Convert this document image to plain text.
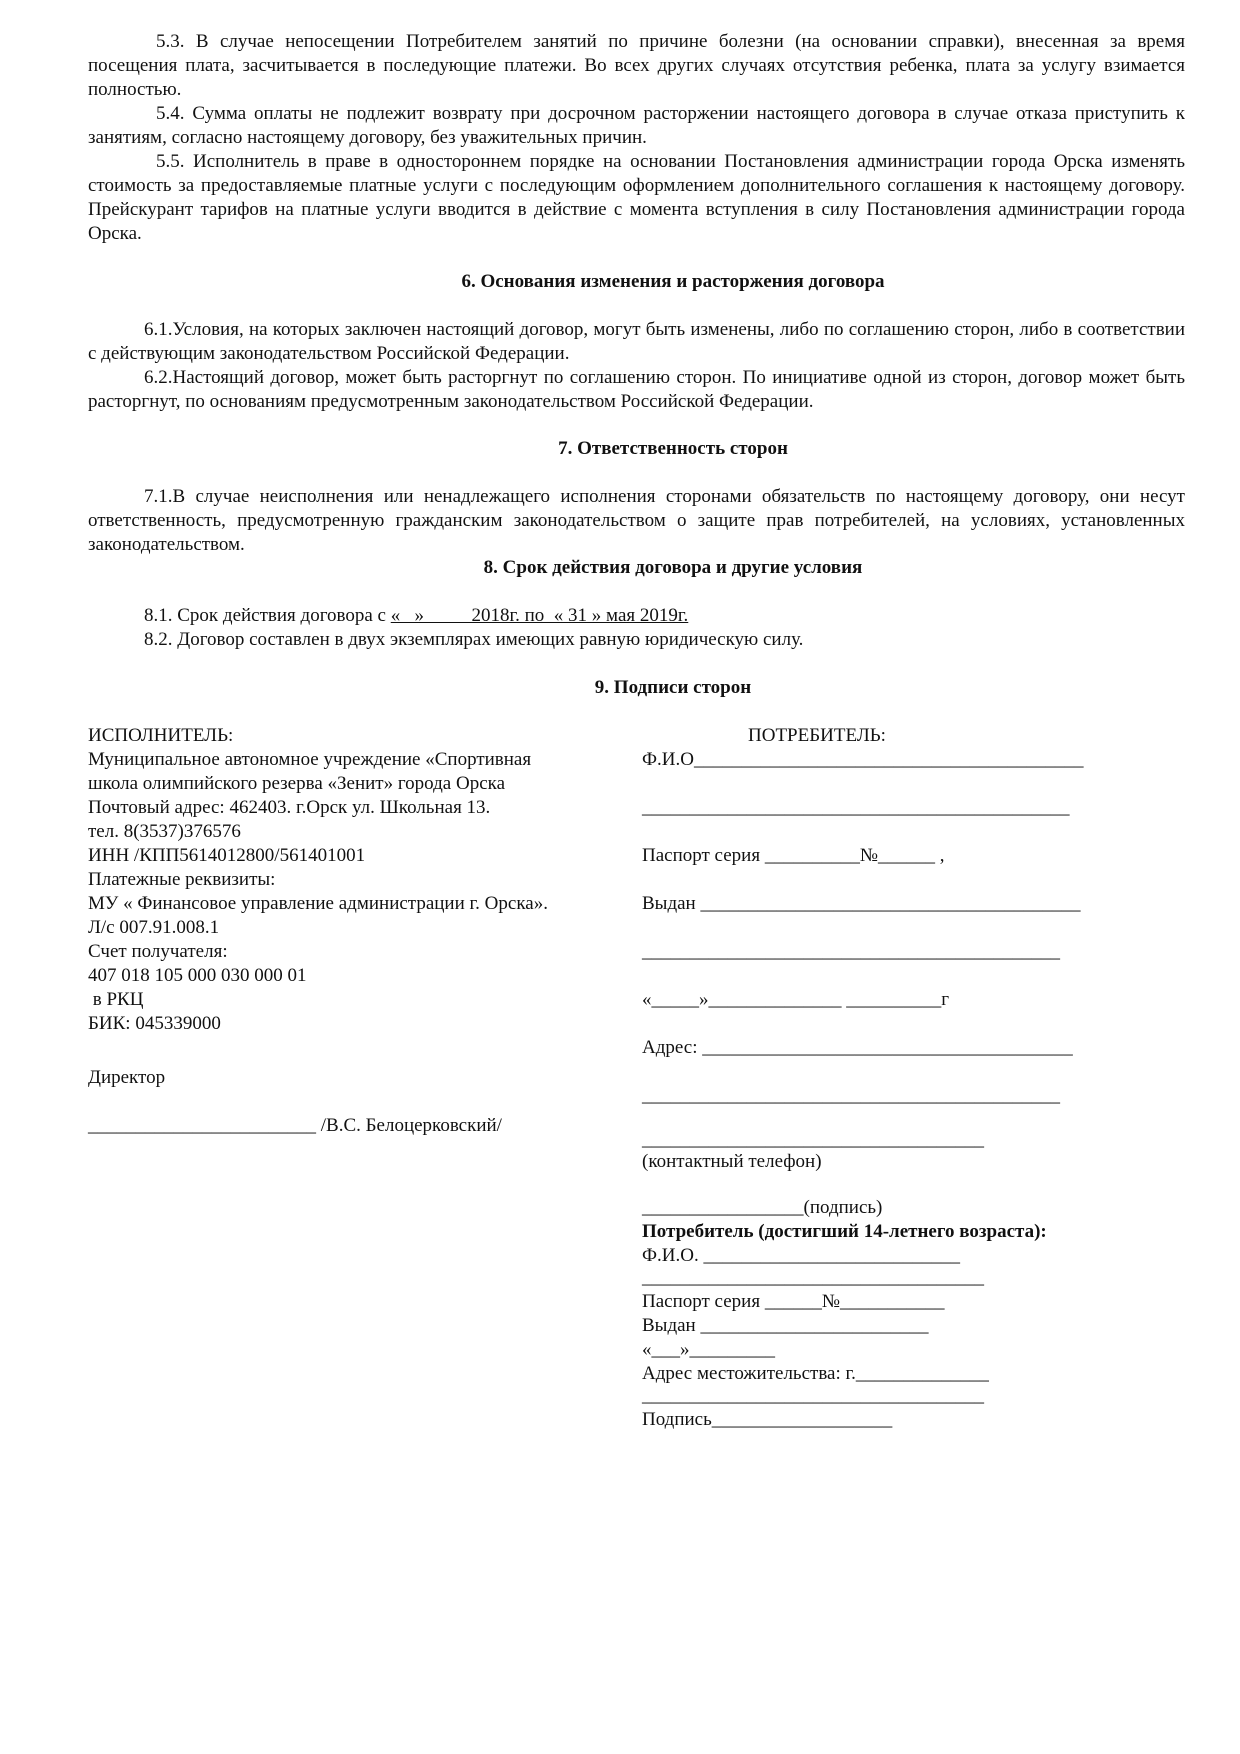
5.3. В случае непосещении Потребителем занятий по причине болезни (на основании справки), внесенная за время посещения плата, засчитывается в последующие платежи. Во всех других случаях отсутствия ребенка, плата за услугу взимается полностью.

5.4. Сумма оплаты не подлежит возврату при досрочном расторжении настоящего договора в случае отказа приступить к занятиям, согласно настоящему договору, без уважительных причин.

5.5. Исполнитель в праве в одностороннем порядке на основании Постановления администрации города Орска изменять стоимость за предоставляемые платные услуги с последующим оформлением дополнительного соглашения к настоящему договору. Прейскурант тарифов на платные услуги вводится в действие с момента вступления в силу Постановления администрации города Орска.

6. Основания изменения и расторжения договора

6.1.Условия, на которых заключен настоящий договор, могут быть изменены, либо по соглашению сторон, либо в соответствии с действующим законодательством Российской Федерации.

6.2.Настоящий договор, может быть расторгнут по соглашению сторон. По инициативе одной из сторон, договор может быть расторгнут, по основаниям предусмотренным законодательством Российской Федерации.

7. Ответственность сторон

7.1.В случае неисполнения или ненадлежащего исполнения сторонами обязательств по настоящему договору, они несут ответственность, предусмотренную гражданским законодательством о защите прав потребителей, на условиях, установленных законодательством.

8. Срок действия договора и другие условия
8.1. Срок действия договора с «   »          2018г. по  « 31 » мая 2019г.
8.2. Договор составлен в двух экземплярах имеющих равную юридическую силу.
9. Подписи сторон
ИСПОЛНИТЕЛЬ:
Муниципальное автономное учреждение «Спортивная
школа олимпийского резерва «Зенит» города Орска
Почтовый адрес: 462403. г.Орск ул. Школьная 13.
тел. 8(3537)376576
ИНН /КПП5614012800/561401001
Платежные реквизиты:
МУ « Финансовое управление администрации г. Орска».
Л/с 007.91.008.1
Счет получателя:
407 018 105 000 030 000 01
в РКЦ
БИК: 045339000
Директор
________________________ /В.С. Белоцерковский/
ПОТРЕБИТЕЛЬ:
Ф.И.О_________________________________________
_____________________________________________
Паспорт серия __________№______ ,
Выдан ________________________________________
____________________________________________
«_____»______________ __________г
Адрес: _______________________________________
____________________________________________
____________________________________
(контактный телефон)
_________________(подпись)
Потребитель (достигший 14-летнего возраста):
Ф.И.О. ___________________________
____________________________________
Паспорт серия ______№___________
Выдан ________________________
«___»_________
Адрес местожительства: г.______________
____________________________________
Подпись___________________
